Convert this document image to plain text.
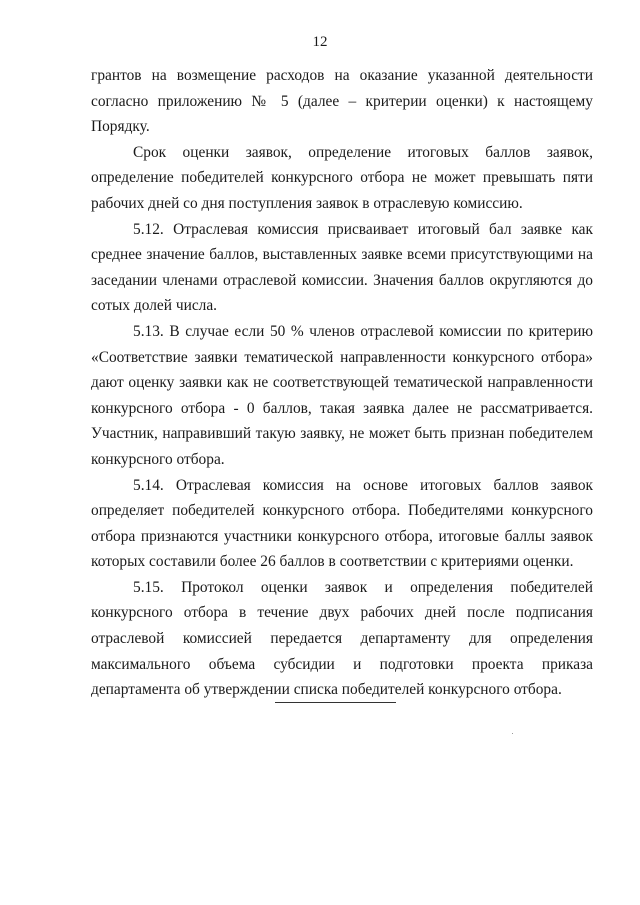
12

грантов на возмещение расходов на оказание указанной деятельности согласно приложению № 5 (далее – критерии оценки) к настоящему Порядку.

Срок оценки заявок, определение итоговых баллов заявок, определение победителей конкурсного отбора не может превышать пяти рабочих дней со дня поступления заявок в отраслевую комиссию.

5.12. Отраслевая комиссия присваивает итоговый бал заявке как среднее значение баллов, выставленных заявке всеми присутствующими на заседании членами отраслевой комиссии. Значения баллов округляются до сотых долей числа.

5.13. В случае если 50 % членов отраслевой комиссии по критерию «Соответствие заявки тематической направленности конкурсного отбора» дают оценку заявки как не соответствующей тематической направленности конкурсного отбора - 0 баллов, такая заявка далее не рассматривается. Участник, направивший такую заявку, не может быть признан победителем конкурсного отбора.

5.14. Отраслевая комиссия на основе итоговых баллов заявок определяет победителей конкурсного отбора. Победителями конкурсного отбора признаются участники конкурсного отбора, итоговые баллы заявок которых составили более 26 баллов в соответствии с критериями оценки.

5.15. Протокол оценки заявок и определения победителей конкурсного отбора в течение двух рабочих дней после подписания отраслевой комиссией передается департаменту для определения максимального объема субсидии и подготовки проекта приказа департамента об утверждении списка победителей конкурсного отбора.
